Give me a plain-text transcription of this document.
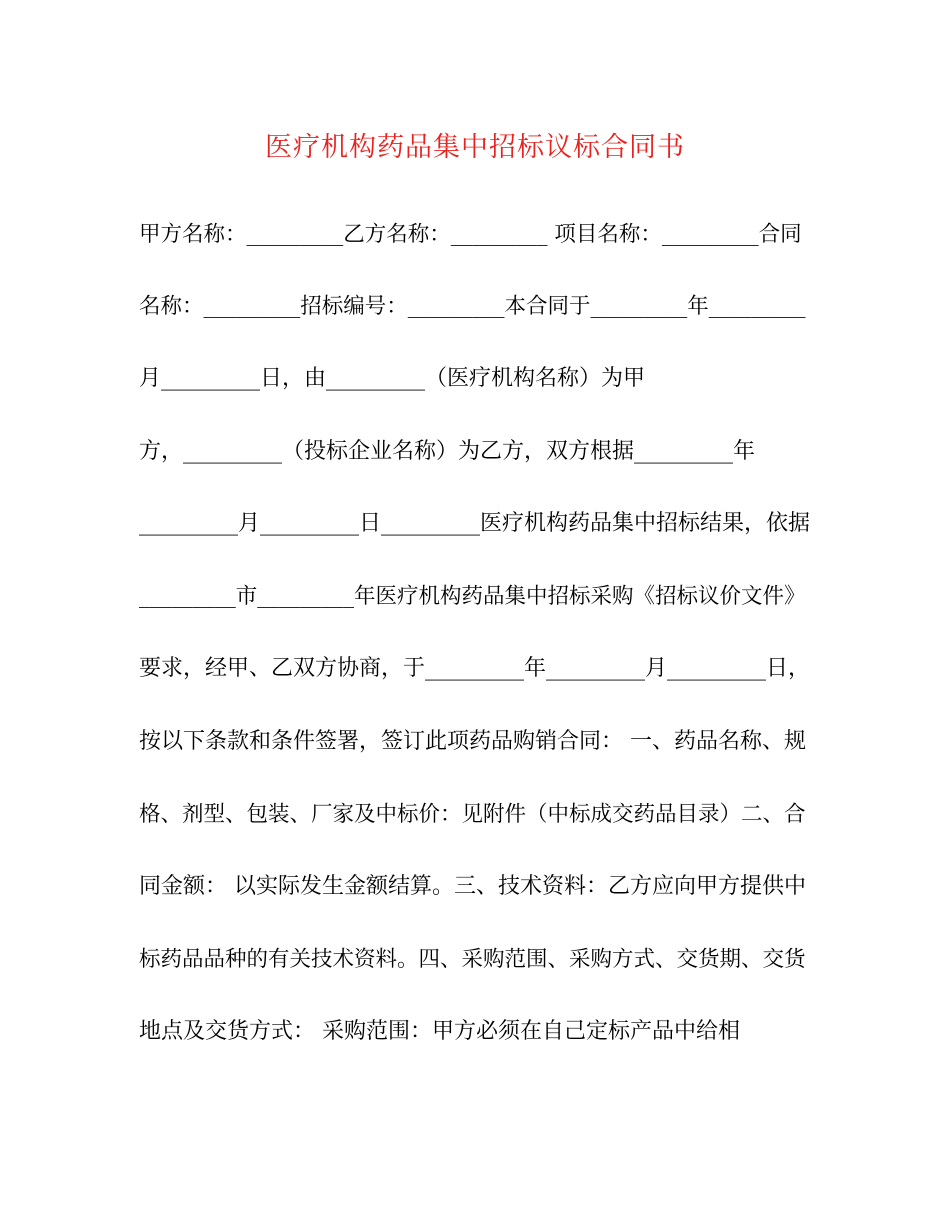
医疗机构药品集中招标议标合同书
甲方名称：_________乙方名称：_________ 项目名称：_________合同
名称：_________招标编号：_________本合同于_________年_________
月_________日，由_________（医疗机构名称）为甲
方，_________（投标企业名称）为乙方，双方根据_________年
_________月_________日_________医疗机构药品集中招标结果，依据
_________市_________年医疗机构药品集中招标采购《招标议价文件》
要求，经甲、乙双方协商，于_________年_________月_________日，
按以下条款和条件签署，签订此项药品购销合同： 一、药品名称、规
格、剂型、包装、厂家及中标价：见附件（中标成交药品目录）二、合
同金额： 以实际发生金额结算。三、技术资料：乙方应向甲方提供中
标药品品种的有关技术资料。四、采购范围、采购方式、交货期、交货
地点及交货方式： 采购范围：甲方必须在自己定标产品中给相
